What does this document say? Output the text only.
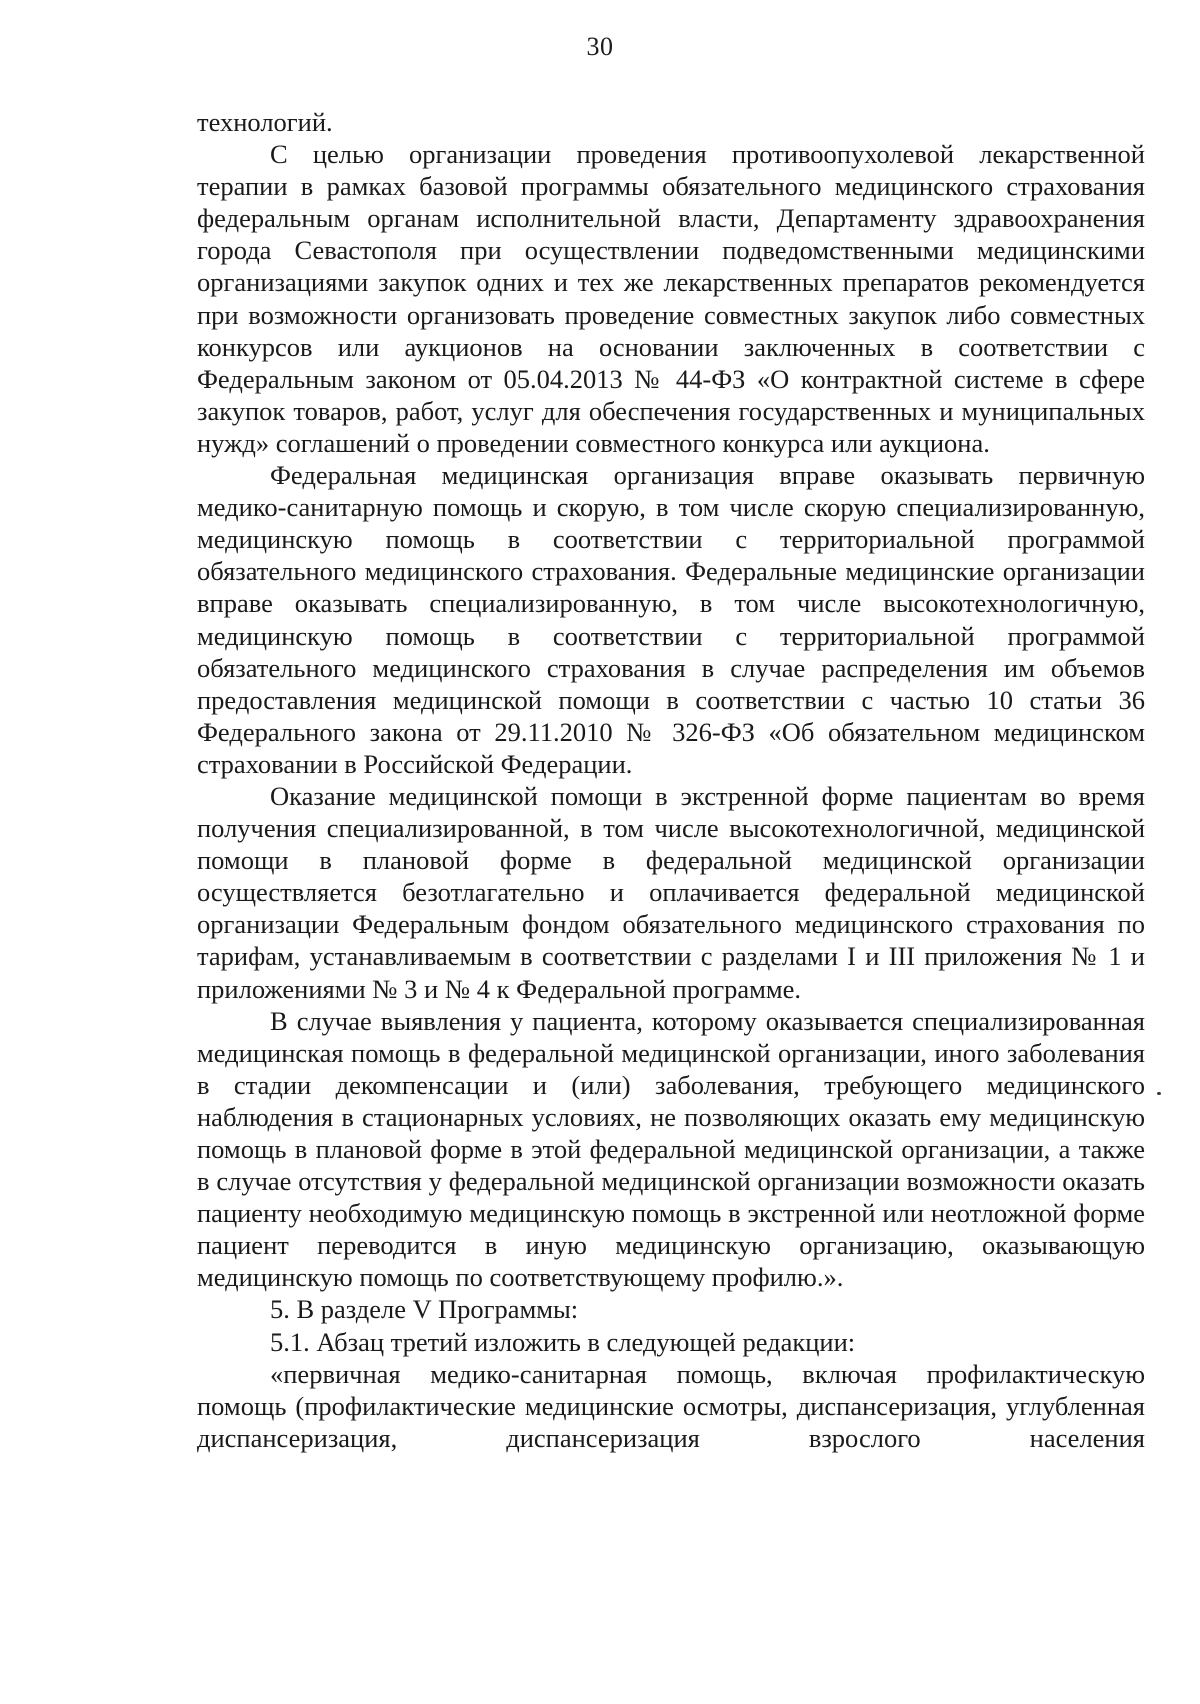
30

технологий.

С целью организации проведения противоопухолевой лекарственной терапии в рамках базовой программы обязательного медицинского страхования федеральным органам исполнительной власти, Департаменту здравоохранения города Севастополя при осуществлении подведомственными медицинскими организациями закупок одних и тех же лекарственных препаратов рекомендуется при возможности организовать проведение совместных закупок либо совместных конкурсов или аукционов на основании заключенных в соответствии с Федеральным законом от 05.04.2013 № 44-ФЗ «О контрактной системе в сфере закупок товаров, работ, услуг для обеспечения государственных и муниципальных нужд» соглашений о проведении совместного конкурса или аукциона.

Федеральная медицинская организация вправе оказывать первичную медико-санитарную помощь и скорую, в том числе скорую специализированную, медицинскую помощь в соответствии с территориальной программой обязательного медицинского страхования. Федеральные медицинские организации вправе оказывать специализированную, в том числе высокотехнологичную, медицинскую помощь в соответствии с территориальной программой обязательного медицинского страхования в случае распределения им объемов предоставления медицинской помощи в соответствии с частью 10 статьи 36 Федерального закона от 29.11.2010 № 326-ФЗ «Об обязательном медицинском страховании в Российской Федерации.

Оказание медицинской помощи в экстренной форме пациентам во время получения специализированной, в том числе высокотехнологичной, медицинской помощи в плановой форме в федеральной медицинской организации осуществляется безотлагательно и оплачивается федеральной медицинской организации Федеральным фондом обязательного медицинского страхования по тарифам, устанавливаемым в соответствии с разделами I и III приложения № 1 и приложениями № 3 и № 4 к Федеральной программе.

В случае выявления у пациента, которому оказывается специализированная медицинская помощь в федеральной медицинской организации, иного заболевания в стадии декомпенсации и (или) заболевания, требующего медицинского наблюдения в стационарных условиях, не позволяющих оказать ему медицинскую помощь в плановой форме в этой федеральной медицинской организации, а также в случае отсутствия у федеральной медицинской организации возможности оказать пациенту необходимую медицинскую помощь в экстренной или неотложной форме пациент переводится в иную медицинскую организацию, оказывающую медицинскую помощь по соответствующему профилю.».

5. В разделе V Программы:

5.1. Абзац третий изложить в следующей редакции:

«первичная медико-санитарная помощь, включая профилактическую помощь (профилактические медицинские осмотры, диспансеризация, углубленная диспансеризация, диспансеризация взрослого населения
